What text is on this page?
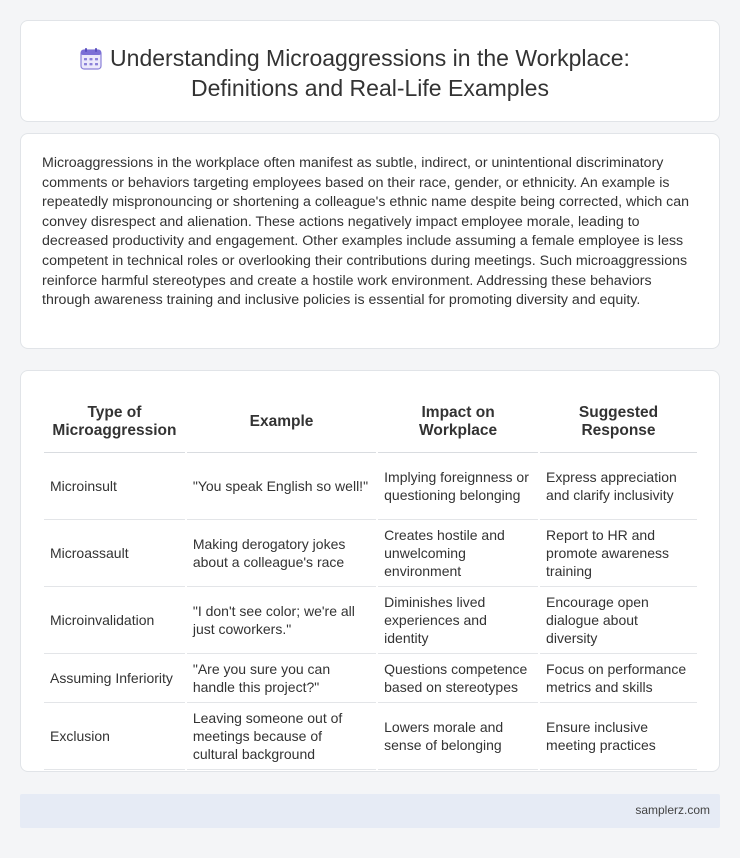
Understanding Microaggressions in the Workplace:
Definitions and Real-Life Examples

Microaggressions in the workplace often manifest as subtle, indirect, or unintentional discriminatory comments or behaviors targeting employees based on their race, gender, or ethnicity. An example is repeatedly mispronouncing or shortening a colleague's ethnic name despite being corrected, which can convey disrespect and alienation. These actions negatively impact employee morale, leading to decreased productivity and engagement. Other examples include assuming a female employee is less competent in technical roles or overlooking their contributions during meetings. Such microaggressions reinforce harmful stereotypes and create a hostile work environment. Addressing these behaviors through awareness training and inclusive policies is essential for promoting diversity and equity.

Type of Microaggression	Example	Impact on Workplace	Suggested Response
Microinsult	"You speak English so well!"	Implying foreignness or questioning belonging	Express appreciation and clarify inclusivity
Microassault	Making derogatory jokes about a colleague's race	Creates hostile and unwelcoming environment	Report to HR and promote awareness training
Microinvalidation	"I don't see color; we're all just coworkers."	Diminishes lived experiences and identity	Encourage open dialogue about diversity
Assuming Inferiority	"Are you sure you can handle this project?"	Questions competence based on stereotypes	Focus on performance metrics and skills
Exclusion	Leaving someone out of meetings because of cultural background	Lowers morale and sense of belonging	Ensure inclusive meeting practices
samplerz.com
